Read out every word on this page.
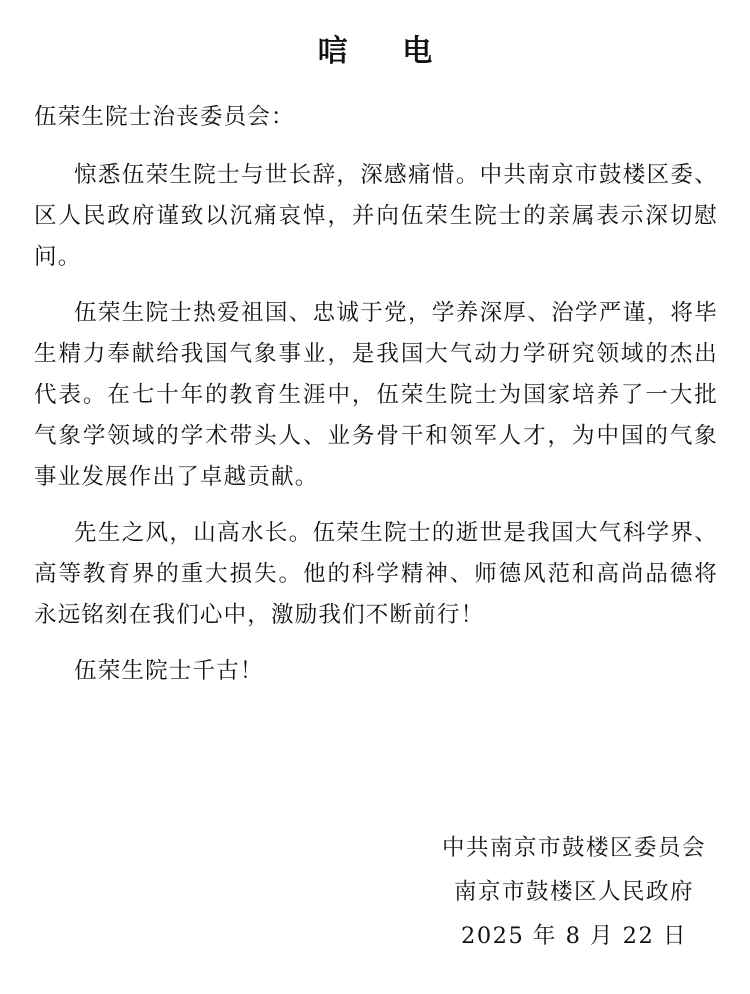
唁 电
伍荣生院士治丧委员会：

惊悉伍荣生院士与世长辞，深感痛惜。中共南京市鼓楼区委、区人民政府谨致以沉痛哀悼，并向伍荣生院士的亲属表示深切慰问。

伍荣生院士热爱祖国、忠诚于党，学养深厚、治学严谨，将毕生精力奉献给我国气象事业，是我国大气动力学研究领域的杰出代表。在七十年的教育生涯中，伍荣生院士为国家培养了一大批气象学领域的学术带头人、业务骨干和领军人才，为中国的气象事业发展作出了卓越贡献。

先生之风，山高水长。伍荣生院士的逝世是我国大气科学界、高等教育界的重大损失。他的科学精神、师德风范和高尚品德将永远铭刻在我们心中，激励我们不断前行！

伍荣生院士千古！

中共南京市鼓楼区委员会
南京市鼓楼区人民政府
2025 年 8 月 22 日
